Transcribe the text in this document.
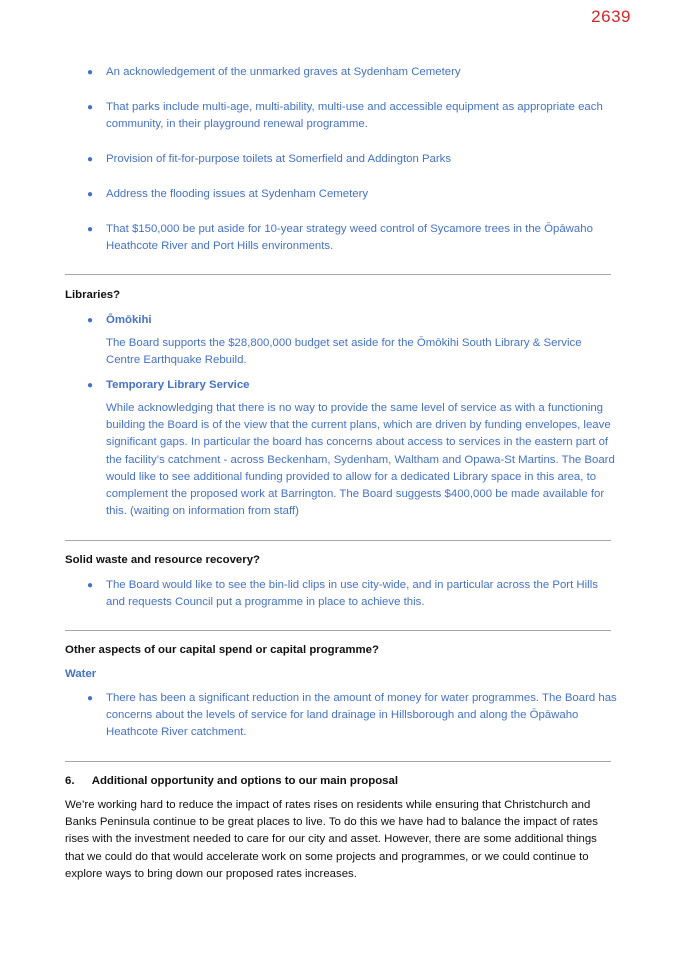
2639
● An acknowledgement of the unmarked graves at Sydenham Cemetery
● That parks include multi-age, multi-ability, multi-use and accessible equipment as appropriate each community, in their playground renewal programme.
● Provision of fit-for-purpose toilets at Somerfield and Addington Parks
● Address the flooding issues at Sydenham Cemetery
● That $150,000 be put aside for 10-year strategy weed control of Sycamore trees in the Ōpāwaho Heathcote River and Port Hills environments.
Libraries?
● Ōmōkihi
The Board supports the $28,800,000 budget set aside for the Ōmōkihi South Library & Service Centre Earthquake Rebuild.
● Temporary Library Service
While acknowledging that there is no way to provide the same level of service as with a functioning building the Board is of the view that the current plans, which are driven by funding envelopes, leave significant gaps. In particular the board has concerns about access to services in the eastern part of the facility’s catchment - across Beckenham, Sydenham, Waltham and Opawa-St Martins. The Board would like to see additional funding provided to allow for a dedicated Library space in this area, to complement the proposed work at Barrington. The Board suggests $400,000 be made available for this. (waiting on information from staff)
Solid waste and resource recovery?
● The Board would like to see the bin-lid clips in use city-wide, and in particular across the Port Hills and requests Council put a programme in place to achieve this.
Other aspects of our capital spend or capital programme?
Water
● There has been a significant reduction in the amount of money for water programmes. The Board has concerns about the levels of service for land drainage in Hillsborough and along the Ōpāwaho Heathcote River catchment.
6. Additional opportunity and options to our main proposal
We’re working hard to reduce the impact of rates rises on residents while ensuring that Christchurch and Banks Peninsula continue to be great places to live. To do this we have had to balance the impact of rates rises with the investment needed to care for our city and asset. However, there are some additional things that we could do that would accelerate work on some projects and programmes, or we could continue to explore ways to bring down our proposed rates increases.
